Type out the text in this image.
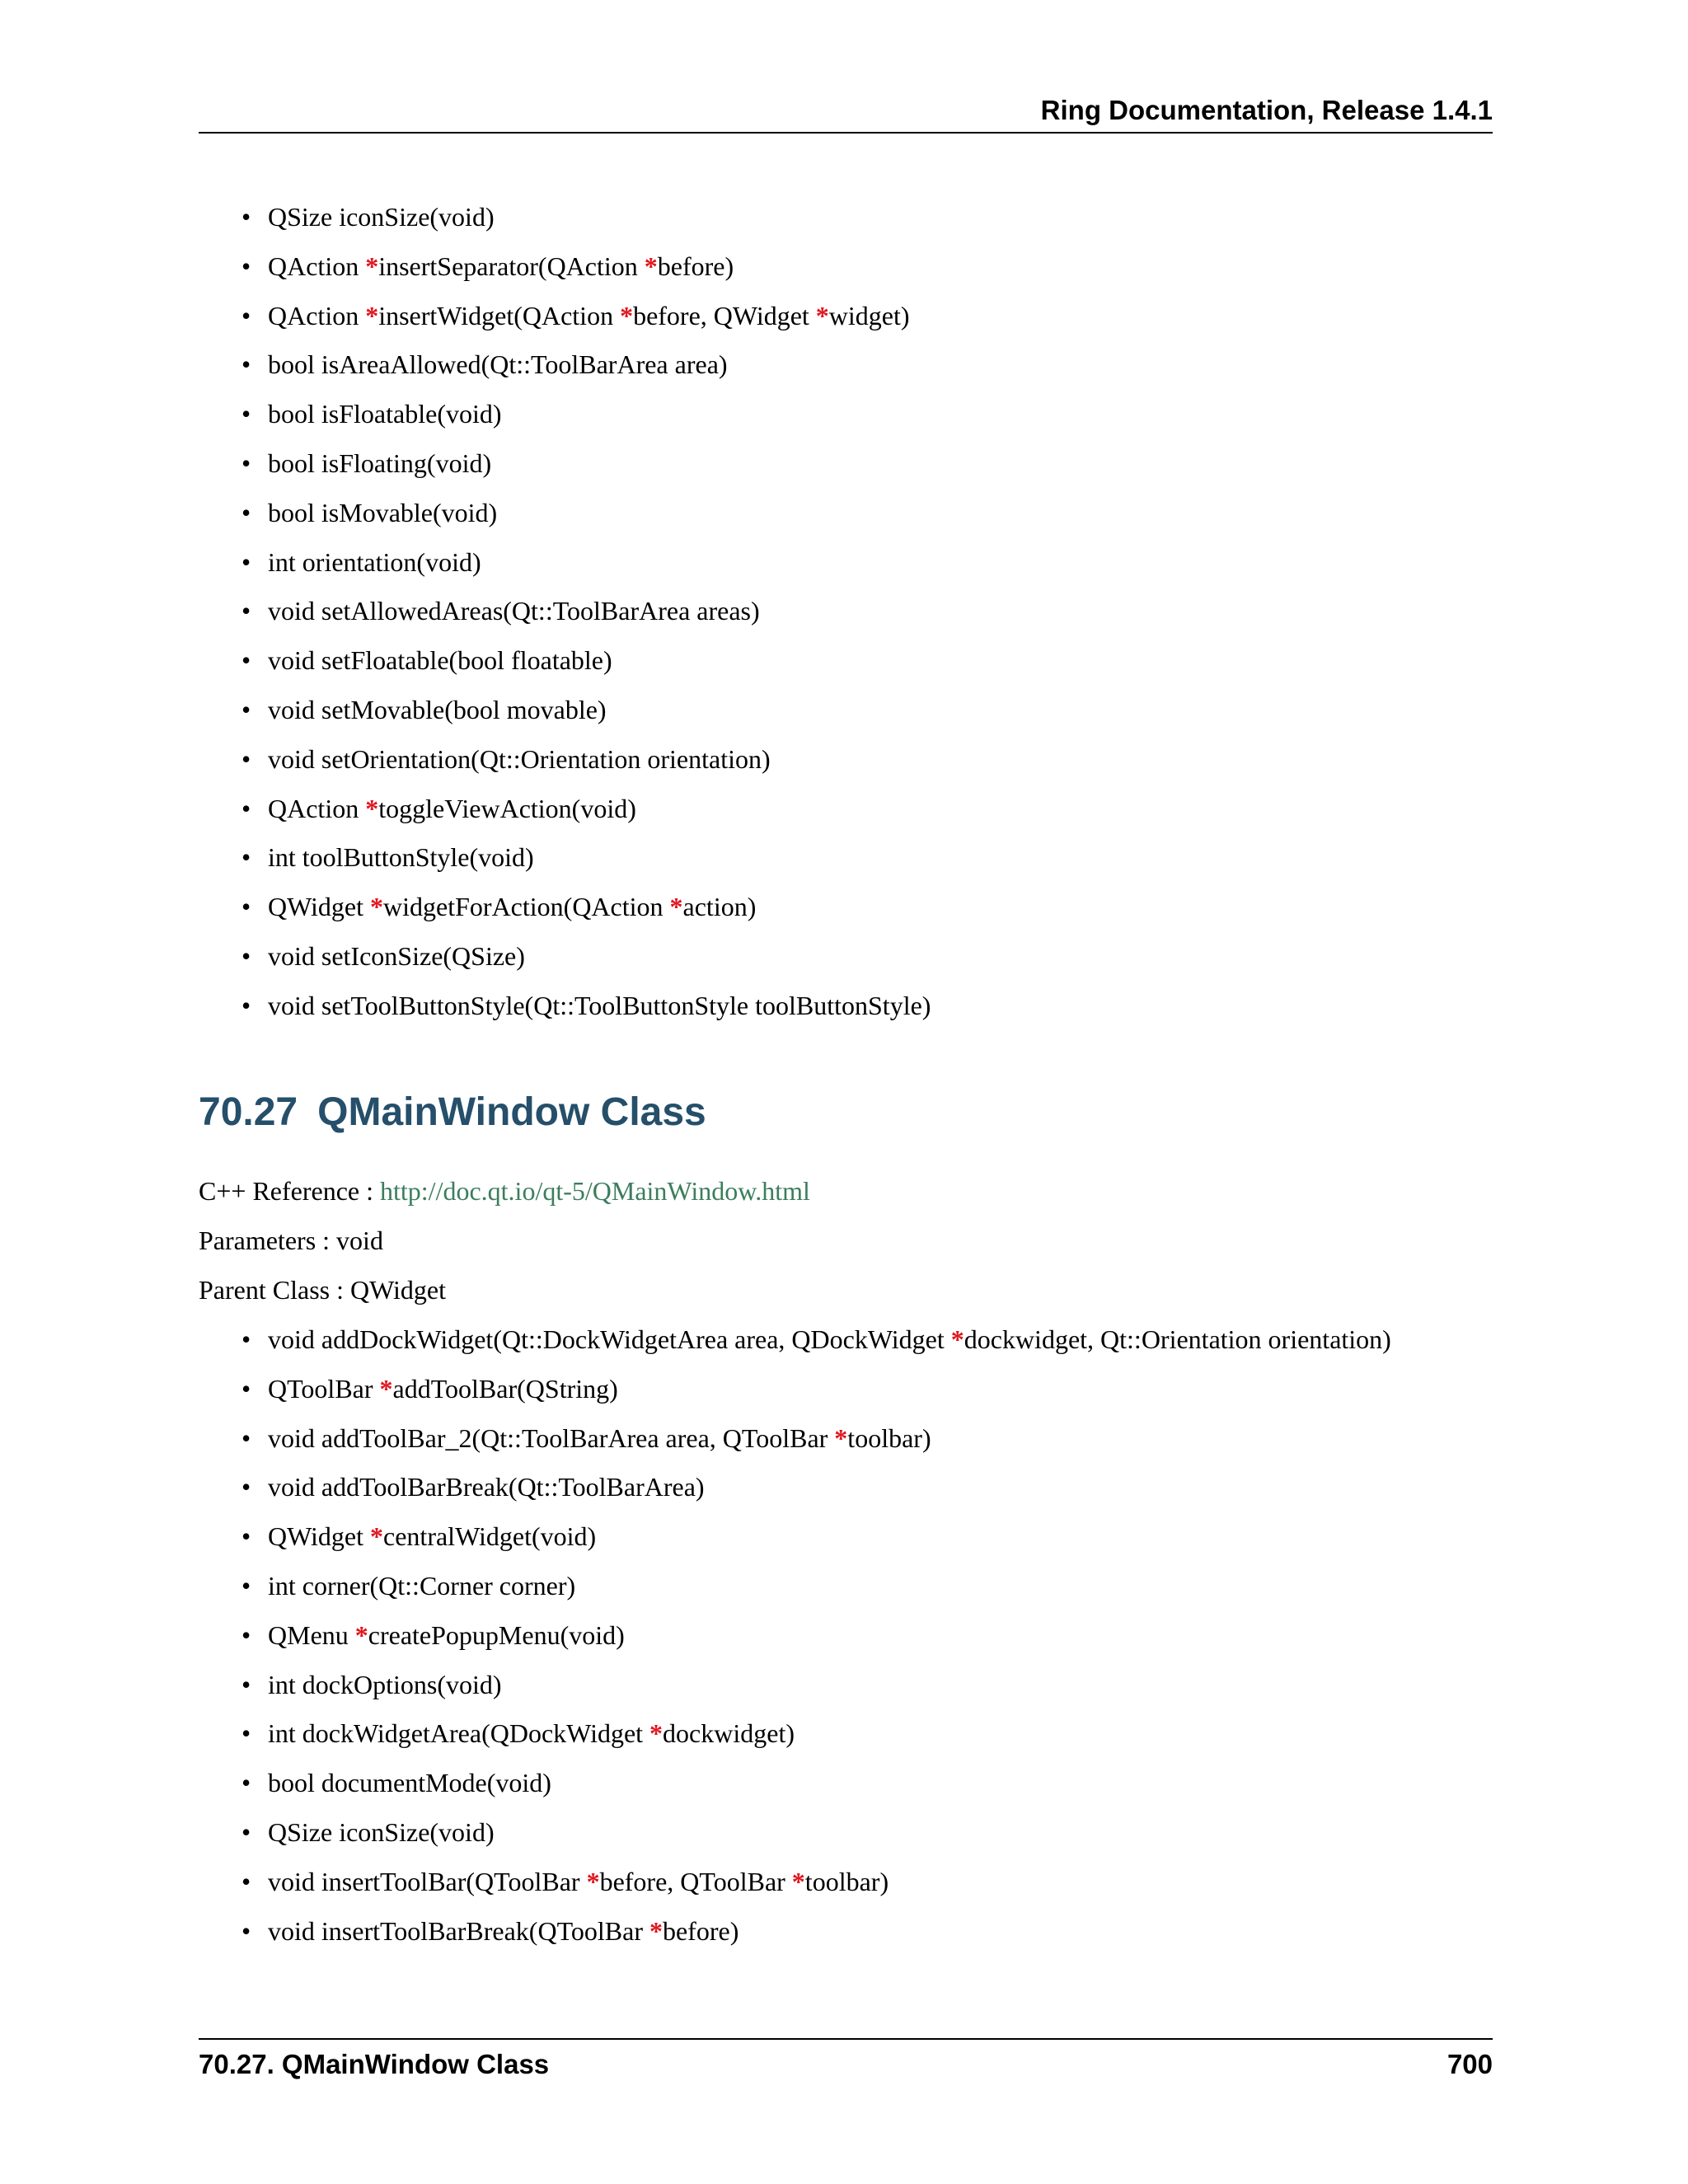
Ring Documentation, Release 1.4.1
• QSize iconSize(void)
• QAction *insertSeparator(QAction *before)
• QAction *insertWidget(QAction *before, QWidget *widget)
• bool isAreaAllowed(Qt::ToolBarArea area)
• bool isFloatable(void)
• bool isFloating(void)
• bool isMovable(void)
• int orientation(void)
• void setAllowedAreas(Qt::ToolBarArea areas)
• void setFloatable(bool floatable)
• void setMovable(bool movable)
• void setOrientation(Qt::Orientation orientation)
• QAction *toggleViewAction(void)
• int toolButtonStyle(void)
• QWidget *widgetForAction(QAction *action)
• void setIconSize(QSize)
• void setToolButtonStyle(Qt::ToolButtonStyle toolButtonStyle)
70.27 QMainWindow Class
C++ Reference : http://doc.qt.io/qt-5/QMainWindow.html
Parameters : void
Parent Class : QWidget
• void addDockWidget(Qt::DockWidgetArea area, QDockWidget *dockwidget, Qt::Orientation orientation)
• QToolBar *addToolBar(QString)
• void addToolBar_2(Qt::ToolBarArea area, QToolBar *toolbar)
• void addToolBarBreak(Qt::ToolBarArea)
• QWidget *centralWidget(void)
• int corner(Qt::Corner corner)
• QMenu *createPopupMenu(void)
• int dockOptions(void)
• int dockWidgetArea(QDockWidget *dockwidget)
• bool documentMode(void)
• QSize iconSize(void)
• void insertToolBar(QToolBar *before, QToolBar *toolbar)
• void insertToolBarBreak(QToolBar *before)
70.27. QMainWindow Class	700
